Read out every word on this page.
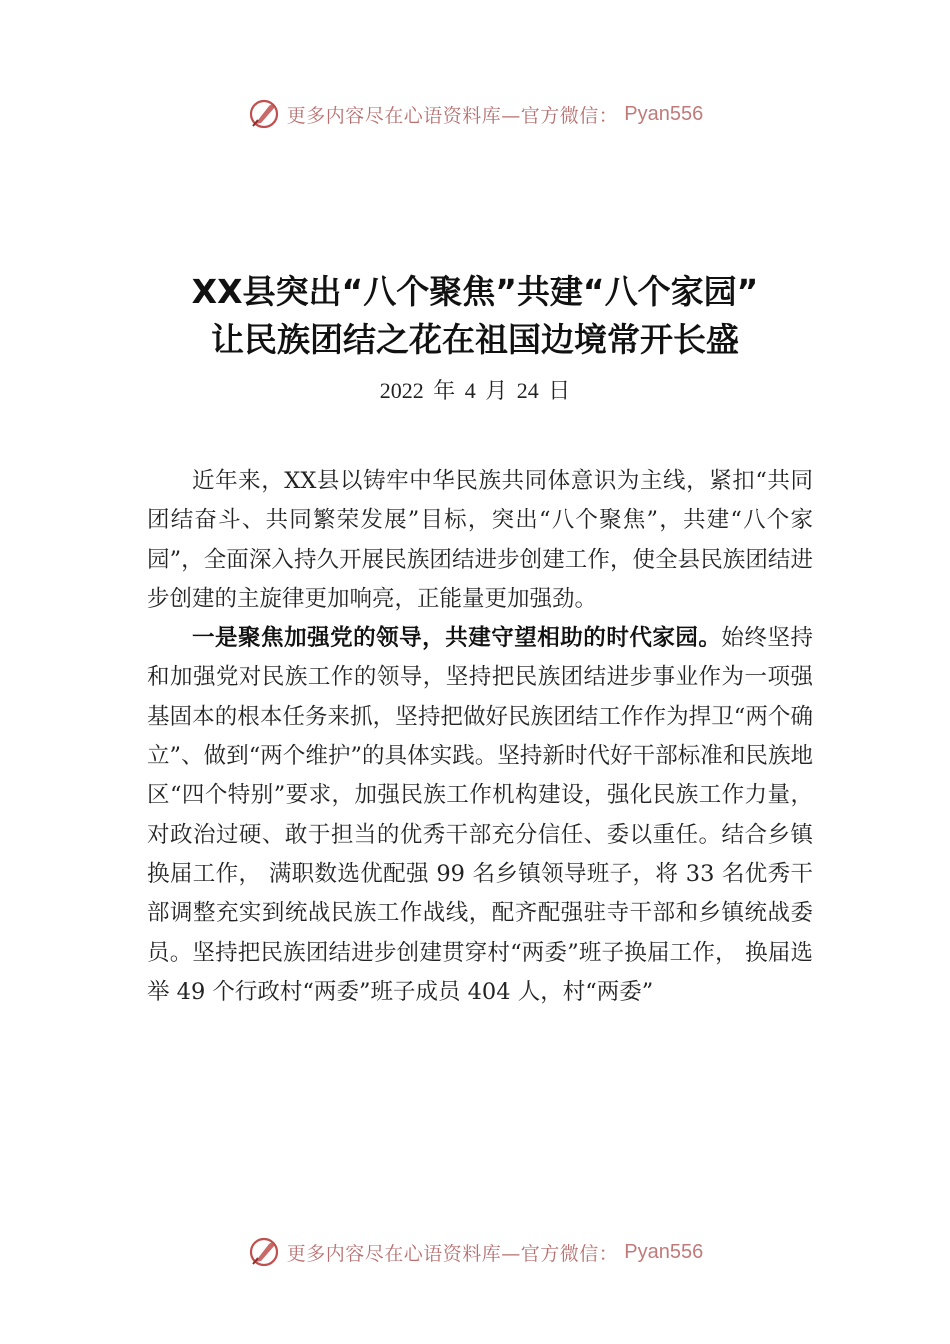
更多内容尽在心语资料库—官方微信： Pyan556
XX县突出“八个聚焦”共建“八个家园”
让民族团结之花在祖国边境常开长盛
2022 年 4 月 24 日

近年来，XX县以铸牢中华民族共同体意识为主线，紧扣“共同团结奋斗、共同繁荣发展”目标，突出“八个聚焦”，共建“八个家园”，全面深入持久开展民族团结进步创建工作，使全县民族团结进步创建的主旋律更加响亮，正能量更加强劲。

一是聚焦加强党的领导，共建守望相助的时代家园。始终坚持和加强党对民族工作的领导，坚持把民族团结进步事业作为一项强基固本的根本任务来抓，坚持把做好民族团结工作作为捍卫“两个确立”、做到“两个维护”的具体实践。坚持新时代好干部标准和民族地区“四个特别”要求，加强民族工作机构建设，强化民族工作力量，对政治过硬、敢于担当的优秀干部充分信任、委以重任。结合乡镇换届工作， 满职数选优配强 99 名乡镇领导班子，将 33 名优秀干部调整充实到统战民族工作战线，配齐配强驻寺干部和乡镇统战委员。坚持把民族团结进步创建贯穿村“两委”班子换届工作， 换届选举 49 个行政村“两委”班子成员 404 人，村“两委”

更多内容尽在心语资料库—官方微信： Pyan556
